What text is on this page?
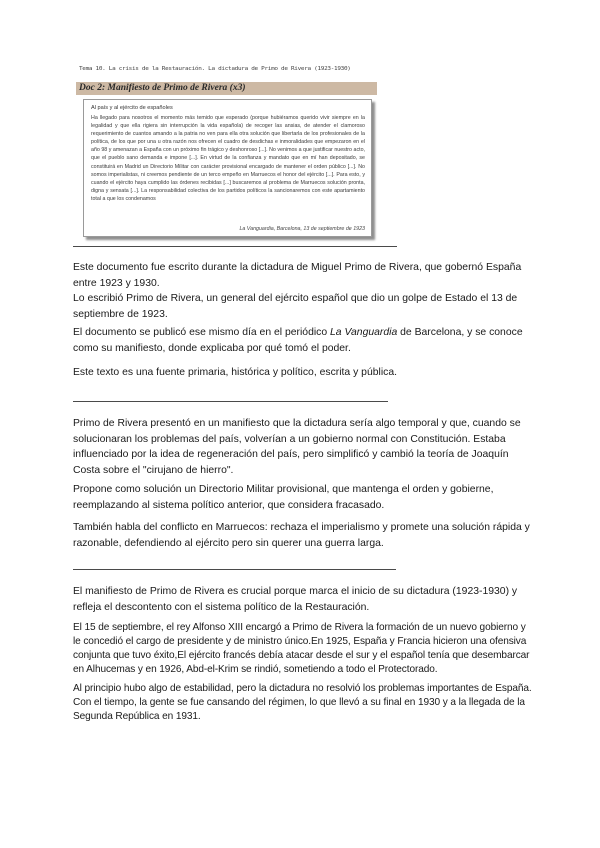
Tema 10. La crisis de la Restauración. La dictadura de Primo de Rivera (1923-1930)
Doc 2: Manifiesto de Primo de Rivera (x3)
Al país y al ejército de españoles
Ha llegado para nosotros el momento más temido que esperado (porque hubiéramos querido vivir siempre en la legalidad y que ella rigiera sin interrupción la vida española) de recoger las ansias, de atender el clamoroso requerimiento de cuantos amando a la patria no ven para ella otra solución que libertarla de los profesionales de la política, de los que por una u otra razón nos ofrecen el cuadro de desdichas e inmoralidades que empezaron en el año 98 y amenazan a España con un próximo fin trágico y deshonroso [...]. No venimos a que justificar nuestro acto, que el pueblo sano demanda e impone [...]. En virtud de la confianza y mandato que en mí han depositado, se constituirá en Madrid un Directorio Militar con carácter provisional encargado de mantener el orden público [...]. No somos imperialistas, ni creemos pendiente de un terco empeño en Marruecos el honor del ejército [...]. Para esto, y cuando el ejército haya cumplido las órdenes recibidas [...] buscaremos al problema de Marruecos solución pronta, digna y sensata [...]. La responsabilidad colectiva de los partidos políticos la sancionaremos con este apartamiento total a que los condenamos
La Vanguardia, Barcelona, 13 de septiembre de 1923

Este documento fue escrito durante la dictadura de Miguel Primo de Rivera, que gobernó España entre 1923 y 1930.
Lo escribió Primo de Rivera, un general del ejército español que dio un golpe de Estado el 13 de septiembre de 1923.

El documento se publicó ese mismo día en el periódico La Vanguardia de Barcelona, y se conoce como su manifiesto, donde explicaba por qué tomó el poder.

Este texto es una fuente primaria, histórica y político, escrita y pública.

Primo de Rivera presentó en un manifiesto que la dictadura sería algo temporal y que, cuando se solucionaran los problemas del país, volverían a un gobierno normal con Constitución. Estaba influenciado por la idea de regeneración del país, pero simplificó y cambió la teoría de Joaquín Costa sobre el "cirujano de hierro".

Propone como solución un Directorio Militar provisional, que mantenga el orden y gobierne, reemplazando al sistema político anterior, que considera fracasado.

También habla del conflicto en Marruecos: rechaza el imperialismo y promete una solución rápida y razonable, defendiendo al ejército pero sin querer una guerra larga.

El manifiesto de Primo de Rivera es crucial porque marca el inicio de su dictadura (1923-1930) y refleja el descontento con el sistema político de la Restauración.

El 15 de septiembre, el rey Alfonso XIII encargó a Primo de Rivera la formación de un nuevo gobierno y le concedió el cargo de presidente y de ministro único.En 1925, España y Francia hicieron una ofensiva conjunta que tuvo éxito,El ejército francés debía atacar desde el sur y el español tenía que desembarcar en Alhucemas y en 1926, Abd-el-Krim se rindió, sometiendo a todo el Protectorado.

Al principio hubo algo de estabilidad, pero la dictadura no resolvió los problemas importantes de España. Con el tiempo, la gente se fue cansando del régimen, lo que llevó a su final en 1930 y a la llegada de la Segunda República en 1931.
